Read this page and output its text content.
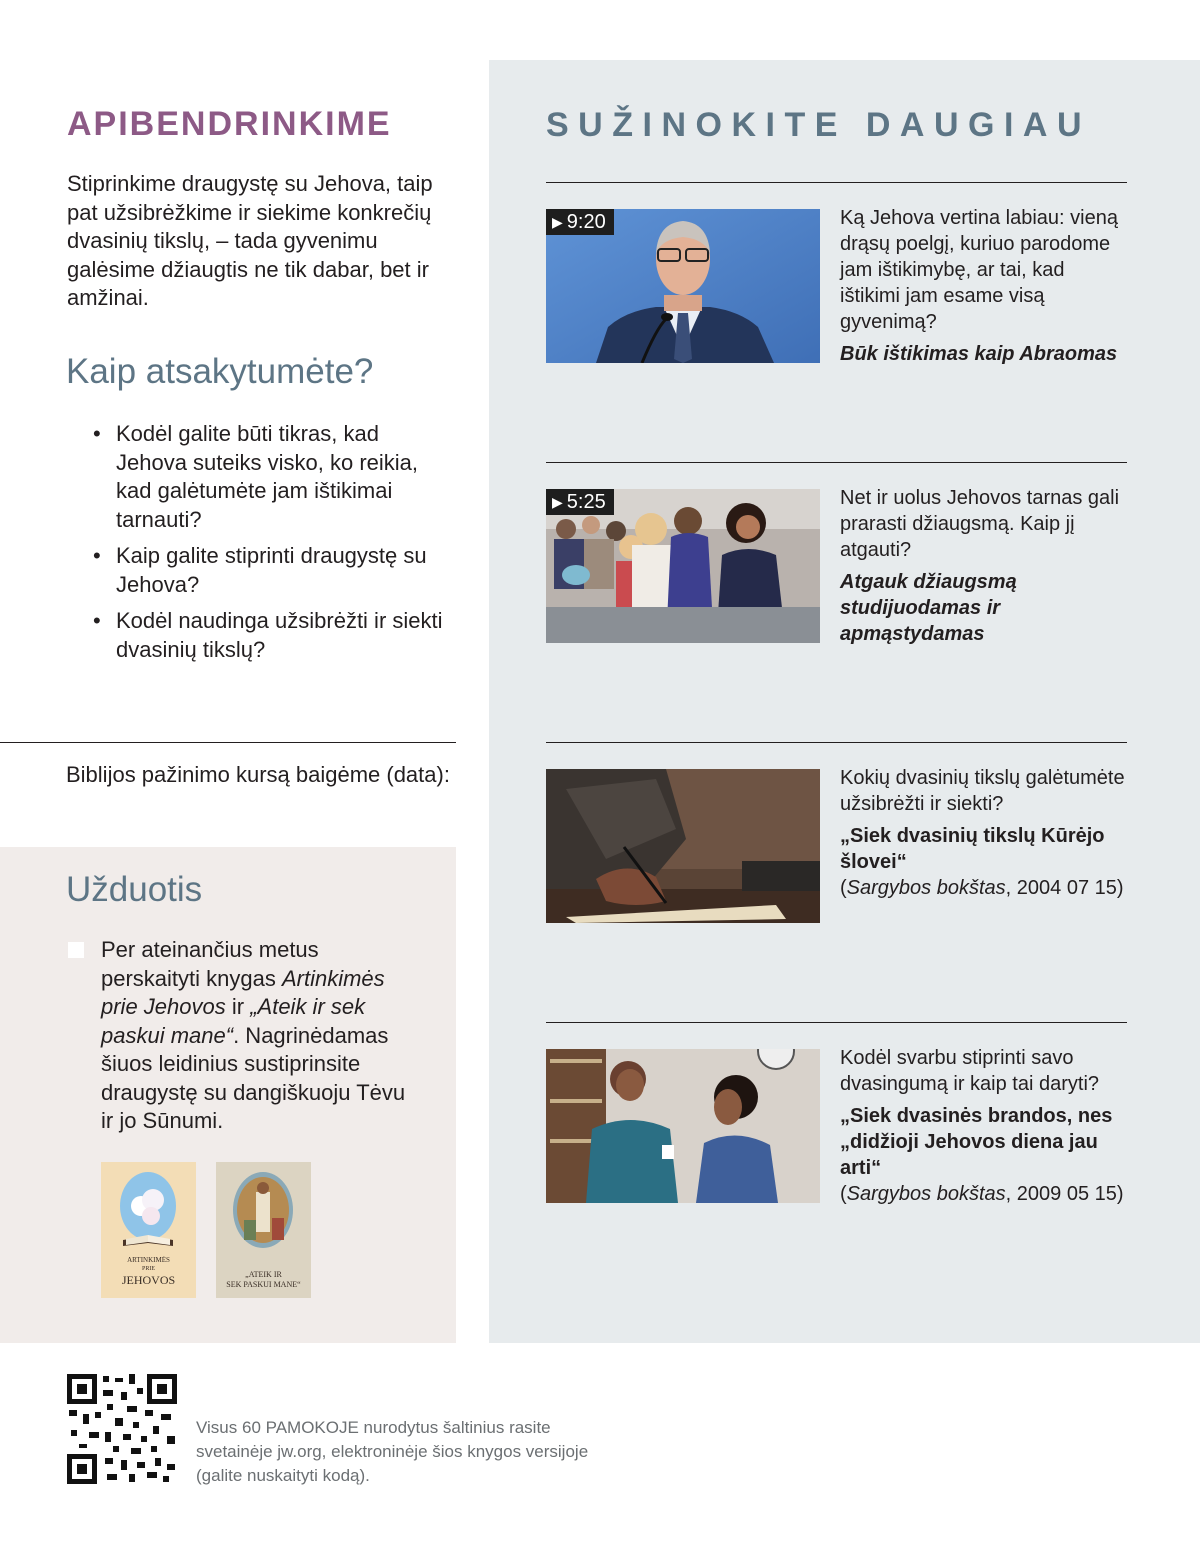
APIBENDRINKIME
Stiprinkime draugystę su Jehova, taip pat užsibrėžkime ir siekime konkrečių dvasinių tikslų, – tada gyvenimu galėsime džiaugtis ne tik dabar, bet ir amžinai.
Kaip atsakytumėte?
• Kodėl galite būti tikras, kad Jehova suteiks visko, ko reikia, kad galėtumėte jam ištikimai tarnauti?
• Kaip galite stiprinti draugystę su Jehova?
• Kodėl naudinga užsibrėžti ir siekti dvasinių tikslų?
Biblijos pažinimo kursą baigėme (data):
Užduotis
Per ateinančius metus perskaityti knygas Artinkimės prie Jehovos ir „Ateik ir sek paskui mane“. Nagrinėdamas šiuos leidinius sustiprinsite draugystę su dangiškuoju Tėvu ir jo Sūnumi.
ARTINKIMĖS
PRIE
JEHOVOS	„ATEIK IR
SEK PASKUI MANE“
SUŽINOKITE DAUGIAU
▶ 9:20	Ką Jehova vertina labiau: vieną drąsų poelgį, kuriuo parodome jam ištikimybę, ar tai, kad ištikimi jam esame visą gyvenimą?
Būk ištikimas kaip Abraomas
▶ 5:25	Net ir uolus Jehovos tarnas gali prarasti džiaugsmą. Kaip jį atgauti?
Atgauk džiaugsmą studijuodamas ir apmąstydamas
Kokių dvasinių tikslų galėtumėte užsibrėžti ir siekti?
„Siek dvasinių tikslų Kūrėjo šlovei“
(Sargybos bokštas, 2004 07 15)
Kodėl svarbu stiprinti savo dvasingumą ir kaip tai daryti?
„Siek dvasinės brandos, nes „didžioji Jehovos diena jau arti“
(Sargybos bokštas, 2009 05 15)
Visus 60 PAMOKOJE nurodytus šaltinius rasite svetainėje jw.org, elektroninėje šios knygos versijoje (galite nuskaityti kodą).
